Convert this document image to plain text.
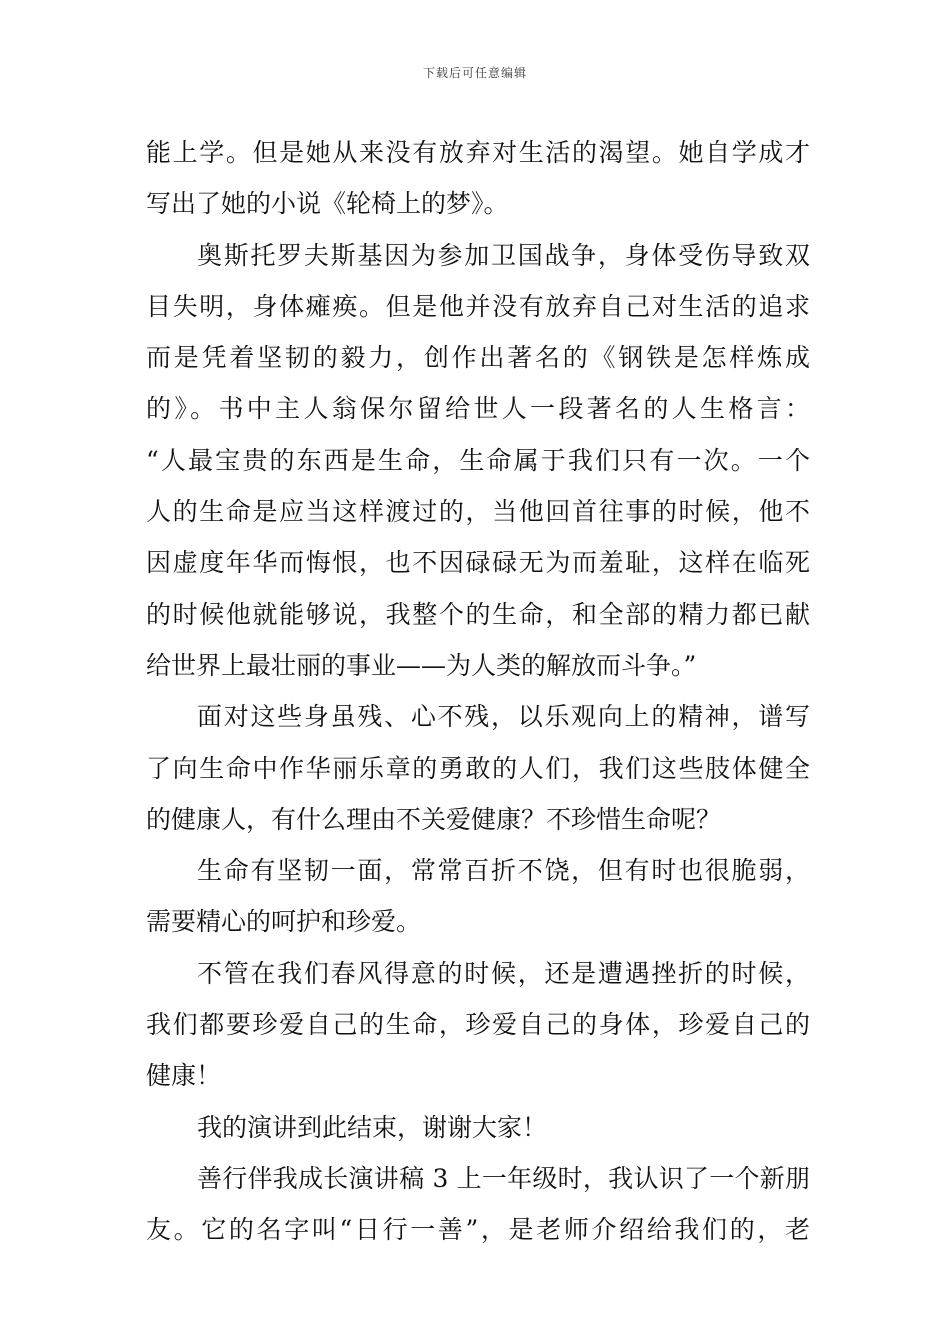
下载后可任意编辑
能上学。但是她从来没有放弃对生活的渴望。她自学成才
写出了她的小说《轮椅上的梦》。
奥斯托罗夫斯基因为参加卫国战争，身体受伤导致双
目失明，身体瘫痪。但是他并没有放弃自己对生活的追求
而是凭着坚韧的毅力，创作出著名的《钢铁是怎样炼成
的》。书中主人翁保尔留给世人一段著名的人生格言：
“人最宝贵的东西是生命，生命属于我们只有一次。一个
人的生命是应当这样渡过的，当他回首往事的时候，他不
因虚度年华而悔恨，也不因碌碌无为而羞耻，这样在临死
的时候他就能够说，我整个的生命，和全部的精力都已献
给世界上最壮丽的事业——为人类的解放而斗争。”
面对这些身虽残、心不残，以乐观向上的精神，谱写
了向生命中作华丽乐章的勇敢的人们，我们这些肢体健全
的健康人，有什么理由不关爱健康？不珍惜生命呢？
生命有坚韧一面，常常百折不饶，但有时也很脆弱，
需要精心的呵护和珍爱。
不管在我们春风得意的时候，还是遭遇挫折的时候，
我们都要珍爱自己的生命，珍爱自己的身体，珍爱自己的
健康！
我的演讲到此结束，谢谢大家！
善行伴我成长演讲稿 3 上一年级时，我认识了一个新朋
友。它的名字叫“日行一善”，是老师介绍给我们的，老
